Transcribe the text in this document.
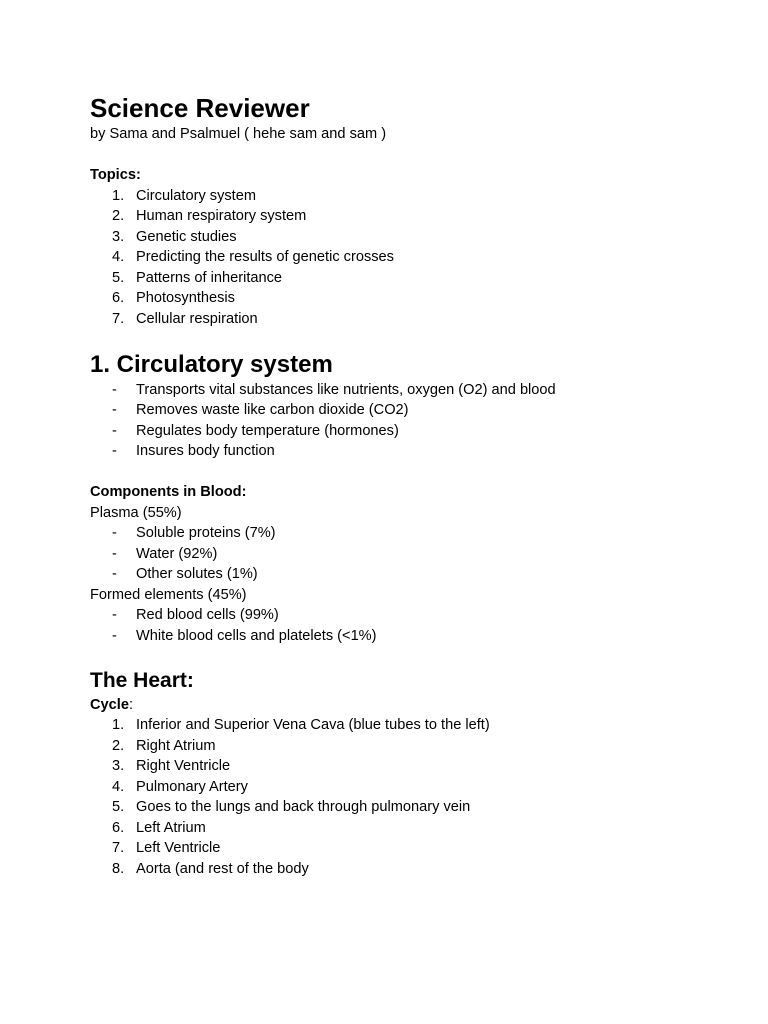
Science Reviewer

by Sama and Psalmuel ( hehe sam and sam )

Topics:

1. Circulatory system
2. Human respiratory system
3. Genetic studies
4. Predicting the results of genetic crosses
5. Patterns of inheritance
6. Photosynthesis
7. Cellular respiration
1. Circulatory system
-	Transports vital substances like nutrients, oxygen (O2) and blood
-	Removes waste like carbon dioxide (CO2)
-	Regulates body temperature (hormones)
-	Insures body function

Components in Blood:

Plasma (55%)

-	Soluble proteins (7%)
-	Water (92%)
-	Other solutes (1%)

Formed elements (45%)

-	Red blood cells (99%)
-	White blood cells and platelets (<1%)
The Heart:

Cycle:

1. Inferior and Superior Vena Cava (blue tubes to the left)
2. Right Atrium
3. Right Ventricle
4. Pulmonary Artery
5. Goes to the lungs and back through pulmonary vein
6. Left Atrium
7. Left Ventricle
8. Aorta (and rest of the body
